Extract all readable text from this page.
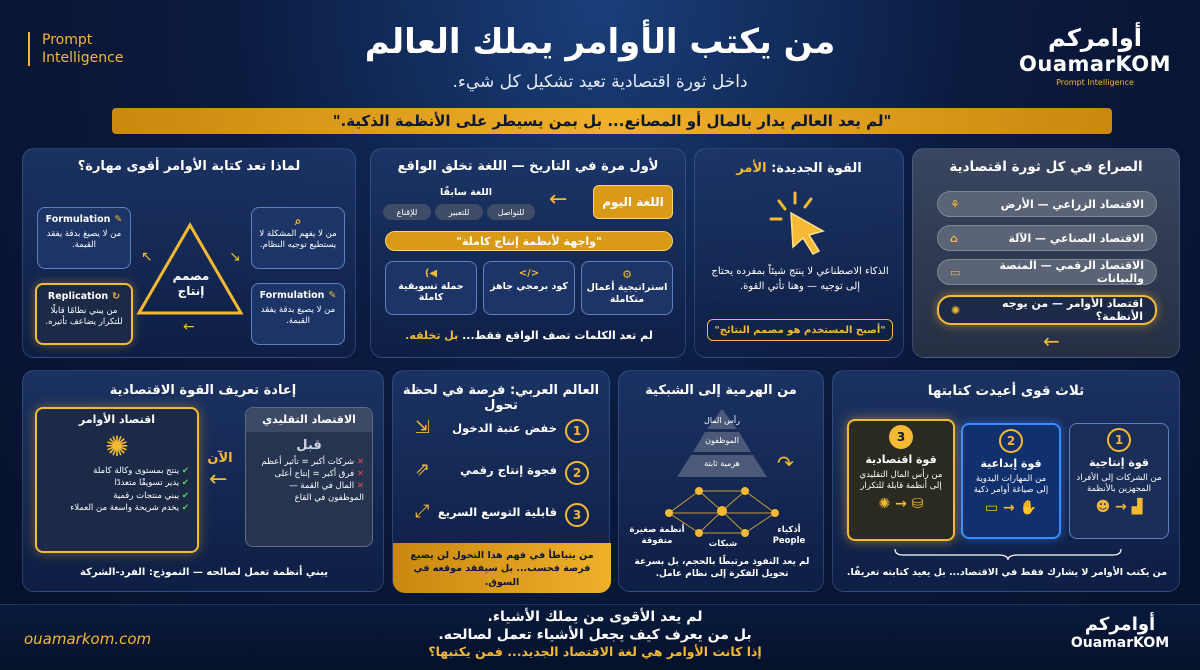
Prompt
Intelligence	من يكتب الأوامر يملك العالم
داخل ثورة اقتصادية تعيد تشكيل كل شيء.
أوامركم
OuamarKOM
Prompt Intelligence
"لم يعد العالم يدار بالمال أو المصانع... بل بمن يسيطر على الأنظمة الذكية."
الصراع في كل ثورة اقتصادية
الاقتصاد الزراعي — الأرض
⚘
الاقتصاد الصناعي — الآلة
⌂
الاقتصاد الرقمي — المنصة والبيانات
▭
اقتصاد الأوامر — من يوجه الأنظمة؟
✺
←
القوة الجديدة: الأمر
الذكاء الاصطناعي لا ينتج شيئاً بمفرده يحتاج إلى توجيه — وهنا تأتي القوة.
"أصبح المستخدم هو مصمم النتائج"
لأول مرة في التاريخ — اللغة تخلق الواقع
اللغة اليوم
←
اللغة سابقًا
للتواصل
للتعبير
للإقناع
"واجهة لأنظمة إنتاج كاملة"
⚙
استراتيجية أعمال متكاملة
</>
كود برمجي جاهز
◀)
حملة تسويقية كاملة
لم تعد الكلمات تصف الواقع فقط... بل تخلقه.
لماذا تعد كتابة الأوامر أقوى مهارة؟
مصمم إنتاج
Formulation ✎
من لا يصيغ بدقة يفقد القيمة.
⌕
من لا يفهم المشكلة لا يستطيع توجيه النظام.
Replication ↻
من يبني نظامًا قابلًا للتكرار يضاعف تأثيره.
Formulation ✎
من لا يصيغ بدقة يفقد القيمة.
↖	↘
←
ثلاث قوى أعيدت كتابتها
1
قوة إنتاجية
من الشركات إلى الأفراد المجهزين بالأنظمة
▟ → ☻
2
قوة إبداعية
من المهارات اليدوية إلى صياغة أوامر ذكية
✋ → ▭
3
قوة اقتصادية
من رأس المال التقليدي إلى أنظمة قابلة للتكرار
⛁ → ✺
من يكتب الأوامر لا يشارك فقط في الاقتصاد... بل يعيد كتابته تعريفًا.
من الهرمية إلى الشبكية
رأس المال
الموظفون
هرمية ثابتة	↷
أذكياء People
شبكات
أنظمة صغيرة متفوقة
لم يعد النفوذ مرتبطًا بالحجم، بل بسرعة تحويل الفكرة إلى نظام عامل.
العالم العربي: فرصة في لحظة تحول
1
خفض عتبة الدخول
⇲
2
فجوة إنتاج رقمي
⇗
3
قابلية التوسع السريع
⤢
من يتباطأ في فهم هذا التحول لن يضيع فرصة فحسب... بل سيفقد موقعه في السوق.
إعادة تعريف القوة الاقتصادية
الاقتصاد التقليدي
قبل
✕ شركات أكبر = تأثير أعظم
✕ فرق أكبر = إنتاج أعلى
✕ المال في القمة — الموظفون في القاع
الآن
←
اقتصاد الأوامر
✺
✔ ينتج بمستوى وكالة كاملة
✔ يدير تسويقًا متعددًا
✔ يبني منتجات رقمية
✔ يخدم شريحة واسعة من العملاء
يبني أنظمة تعمل لصالحه — النموذج: الفرد-الشركة
ouamarkom.com
لم يعد الأقوى من يملك الأشياء.
بل من يعرف كيف يجعل الأشياء تعمل لصالحه.
إذا كانت الأوامر هي لغة الاقتصاد الجديد... فمن يكتبها؟
أوامركم
OuamarKOM
